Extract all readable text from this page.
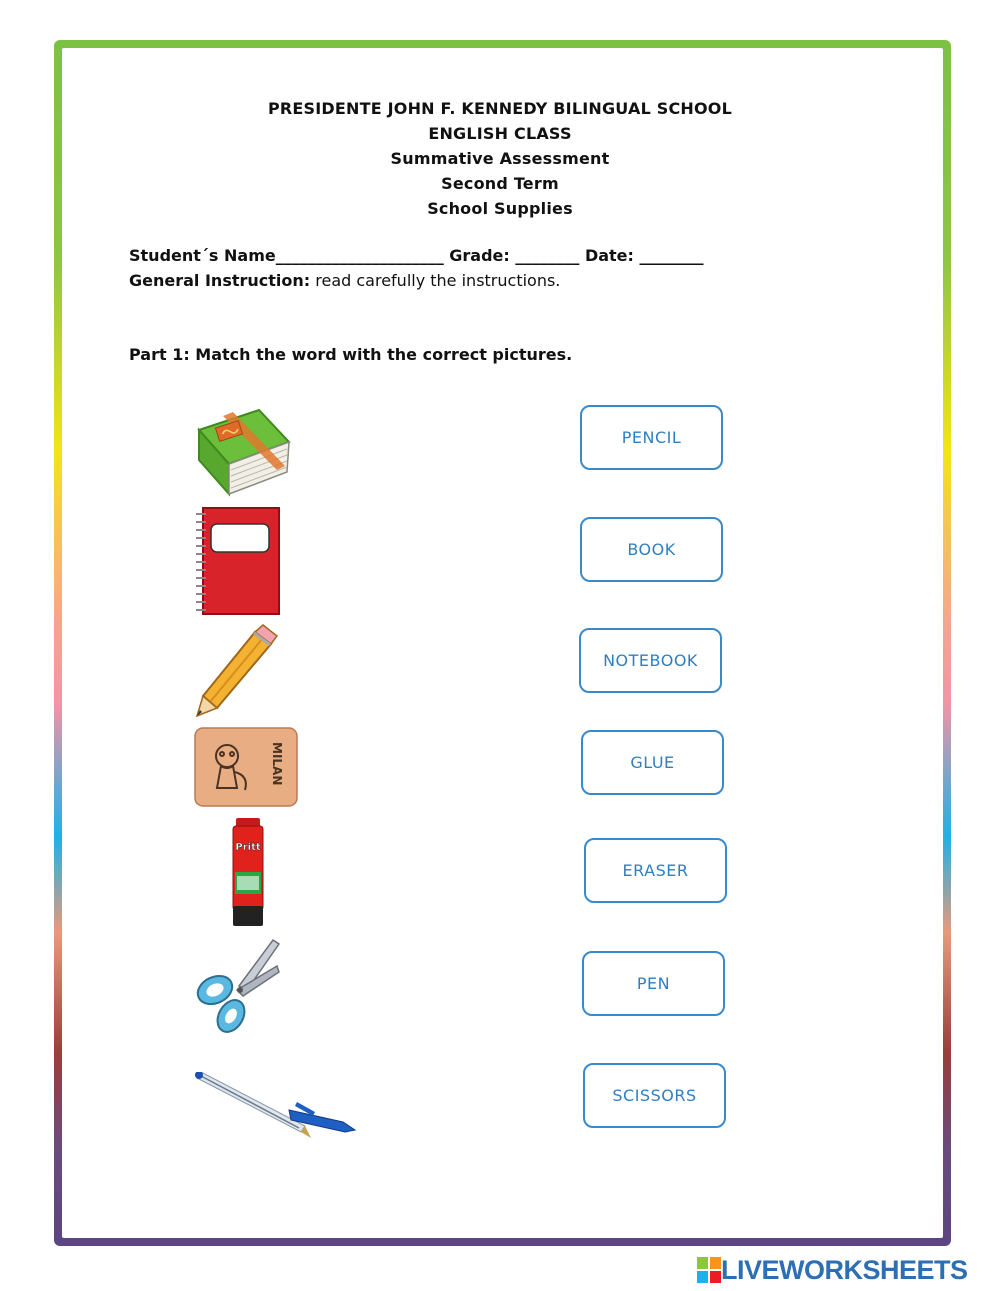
PRESIDENTE JOHN F. KENNEDY BILINGUAL SCHOOL
ENGLISH CLASS
Summative Assessment
Second Term
School Supplies
Student´s Name_____________________ Grade: ________ Date: ________
General Instruction: read carefully the instructions.
Part 1: Match the word with the correct pictures.
MILAN
Pritt
PENCIL
BOOK
NOTEBOOK
GLUE
ERASER
PEN
SCISSORS
LIVEWORKSHEETS
